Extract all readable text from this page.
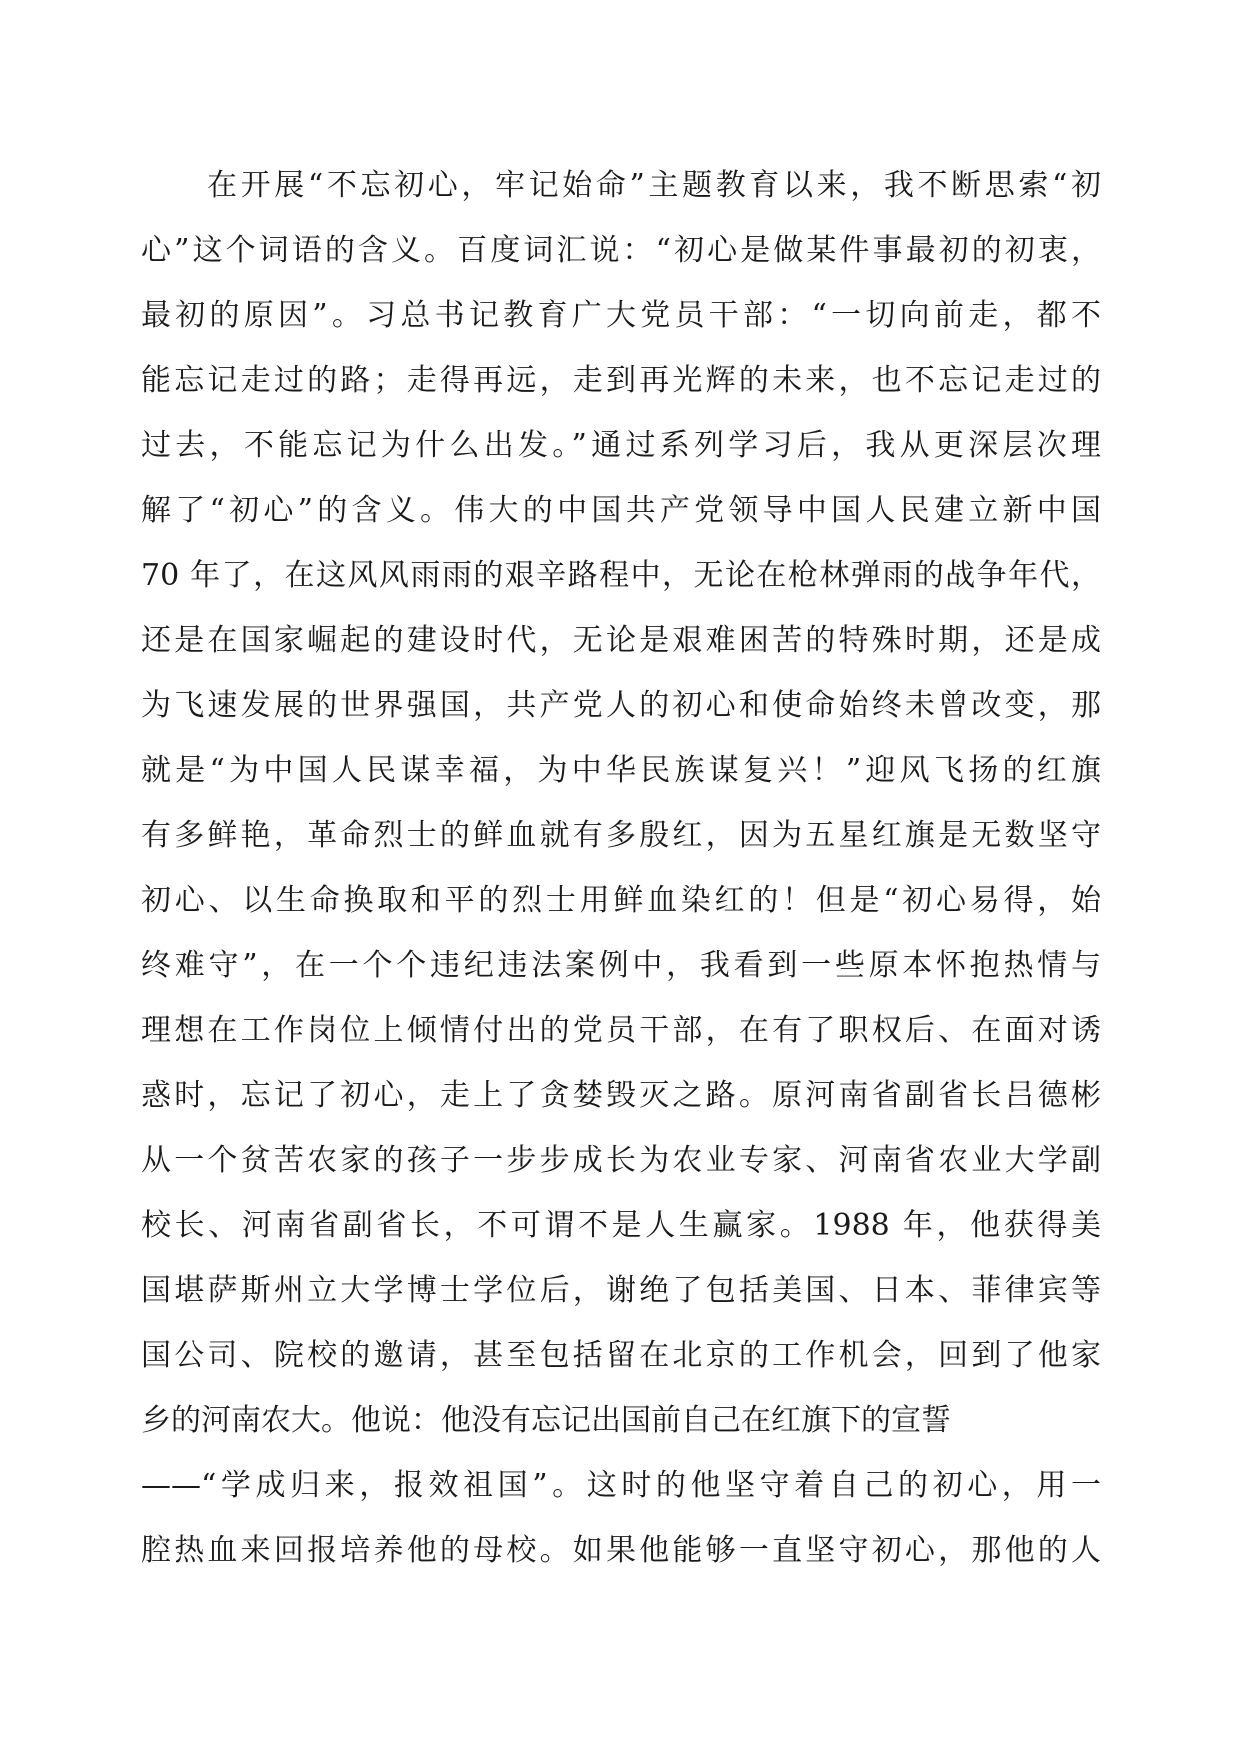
在开展“不忘初心，牢记始命”主题教育以来，我不断思索“初
心”这个词语的含义。百度词汇说：“初心是做某件事最初的初衷，
最初的原因”。习总书记教育广大党员干部：“一切向前走，都不
能忘记走过的路；走得再远，走到再光辉的未来，也不忘记走过的
过去，不能忘记为什么出发。”通过系列学习后，我从更深层次理
解了“初心”的含义。伟大的中国共产党领导中国人民建立新中国
70 年了，在这风风雨雨的艰辛路程中，无论在枪林弹雨的战争年代，
还是在国家崛起的建设时代，无论是艰难困苦的特殊时期，还是成
为飞速发展的世界强国，共产党人的初心和使命始终未曾改变，那
就是“为中国人民谋幸福，为中华民族谋复兴！”迎风飞扬的红旗
有多鲜艳，革命烈士的鲜血就有多殷红，因为五星红旗是无数坚守
初心、以生命换取和平的烈士用鲜血染红的！但是“初心易得，始
终难守”，在一个个违纪违法案例中，我看到一些原本怀抱热情与
理想在工作岗位上倾情付出的党员干部，在有了职权后、在面对诱
惑时，忘记了初心，走上了贪婪毁灭之路。原河南省副省长吕德彬
从一个贫苦农家的孩子一步步成长为农业专家、河南省农业大学副
校长、河南省副省长，不可谓不是人生赢家。1988 年，他获得美
国堪萨斯州立大学博士学位后，谢绝了包括美国、日本、菲律宾等
国公司、院校的邀请，甚至包括留在北京的工作机会，回到了他家
乡的河南农大。他说：他没有忘记出国前自己在红旗下的宣誓
——“学成归来，报效祖国”。这时的他坚守着自己的初心，用一
腔热血来回报培养他的母校。如果他能够一直坚守初心，那他的人
